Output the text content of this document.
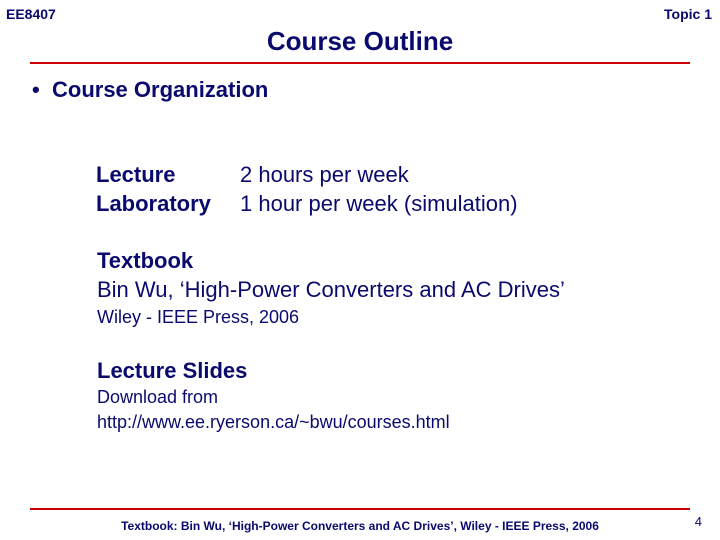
EE8407	Topic 1
Course Outline
• Course Organization
Lecture	2 hours per week
Laboratory 1 hour per week (simulation)
Textbook
Bin Wu, ‘High-Power Converters and AC Drives’
Wiley - IEEE Press, 2006
Lecture Slides
Download from
http://www.ee.ryerson.ca/~bwu/courses.html
Textbook: Bin Wu, ‘High-Power Converters and AC Drives’, Wiley - IEEE Press, 2006	4
